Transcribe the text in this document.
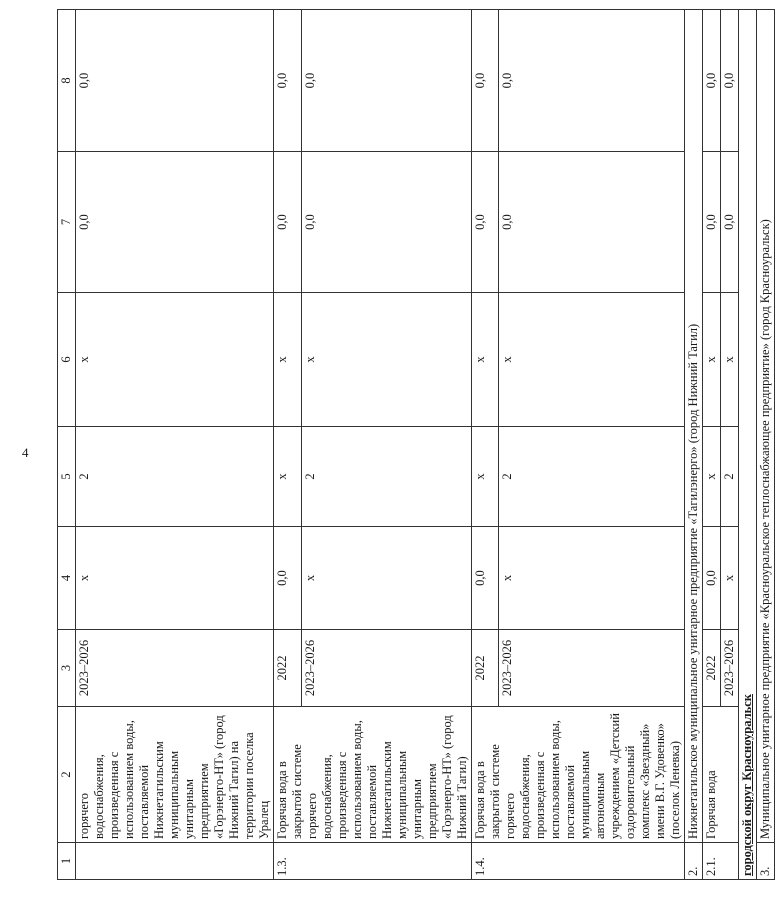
4
1	2	3	4	5	6	7	8
	горячего водоснабжения, произведенная с использованием воды, поставляемой Нижнетагильским муниципальным унитарным предприятием «Горэнерго-НТ» (город Нижний Тагил) на территории поселка Уралец	2023–2026	х	2	х	0,0	0,0
1.3.	Горячая вода в закрытой системе горячего водоснабжения, произведенная с использованием воды, поставляемой Нижнетагильским муниципальным унитарным предприятием «Горэнерго-НТ» (город Нижний Тагил)	2022	0,0	х	х	0,0	0,0
		2023–2026	х	2	х	0,0	0,0
1.4.	Горячая вода в закрытой системе горячего водоснабжения, произведенная с использованием воды, поставляемой муниципальным автономным учреждением «Детский оздоровительный комплекс «Звездный» имени В.Г. Удовенко» (поселок Леневка)	2022	0,0	х	х	0,0	0,0
		2023–2026	х	2	х	0,0	0,0
2.	Нижнетагильское муниципальное унитарное предприятие «Тагилэнерго» (город Нижний Тагил)						
2.1.	Горячая вода	2022	0,0	х	х	0,0	0,0
		2023–2026	х	2	х	0,0	0,0
городской округ Красноуральск							
3.	Муниципальное унитарное предприятие «Красноуральское теплоснабжающее предприятие» (город Красноуральск)						
